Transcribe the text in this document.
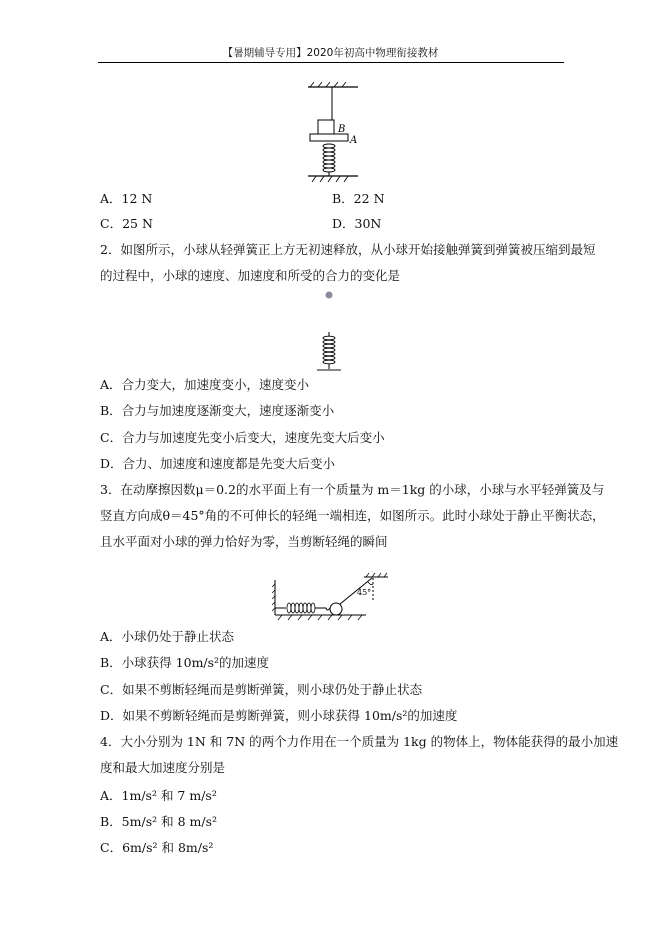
【暑期辅导专用】2020年初高中物理衔接教材
B
A
A．12 N	B．22 N
C．25 N	D．30N
2．如图所示，小球从轻弹簧正上方无初速释放，从小球开始接触弹簧到弹簧被压缩到最短
的过程中，小球的速度、加速度和所受的合力的变化是
A．合力变大，加速度变小，速度变小
B．合力与加速度逐渐变大，速度逐渐变小
C．合力与加速度先变小后变大，速度先变大后变小
D．合力、加速度和速度都是先变大后变小
3．在动摩擦因数μ＝0.2的水平面上有一个质量为 m＝1kg 的小球，小球与水平轻弹簧及与
竖直方向成θ＝45°角的不可伸长的轻绳一端相连，如图所示。此时小球处于静止平衡状态，
且水平面对小球的弹力恰好为零，当剪断轻绳的瞬间
45°
A．小球仍处于静止状态
B．小球获得 10m/s²的加速度
C．如果不剪断轻绳而是剪断弹簧，则小球仍处于静止状态
D．如果不剪断轻绳而是剪断弹簧，则小球获得 10m/s²的加速度
4．大小分别为 1N 和 7N 的两个力作用在一个质量为 1kg 的物体上，物体能获得的最小加速
度和最大加速度分别是
A．1m/s² 和 7 m/s²
B．5m/s² 和 8 m/s²
C．6m/s² 和 8m/s²
